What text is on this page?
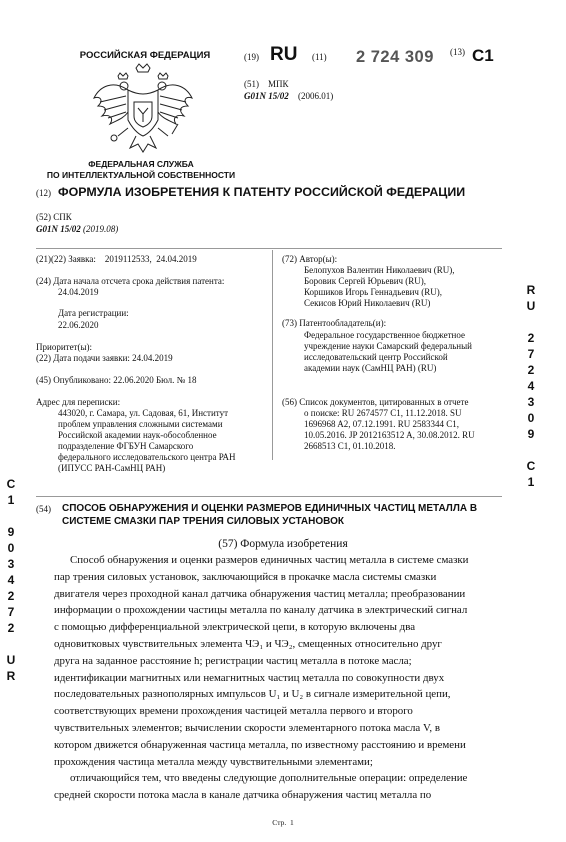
РОССИЙСКАЯ ФЕДЕРАЦИЯ
ФЕДЕРАЛЬНАЯ СЛУЖБА
ПО ИНТЕЛЛЕКТУАЛЬНОЙ СОБСТВЕННОСТИ
(19) RU (11) 2 724 309 (13) C1
(51) МПК
G01N 15/02 (2006.01)
(12) ФОРМУЛА ИЗОБРЕТЕНИЯ К ПАТЕНТУ РОССИЙСКОЙ ФЕДЕРАЦИИ
(52) СПК
G01N 15/02 (2019.08)
(21)(22) Заявка:    2019112533,  24.04.2019
(24) Дата начала отсчета срока действия патента:
24.04.2019
Дата регистрации:
22.06.2020
Приоритет(ы):
(22) Дата подачи заявки: 24.04.2019
(45) Опубликовано: 22.06.2020 Бюл. № 18
Адрес для переписки:
443020, г. Самара, ул. Садовая, 61, Институт
проблем управления сложными системами
Российской академии наук-обособленное
подразделение ФГБУН Самарского
федерального исследовательского центра РАН
(ИПУСС РАН-СамНЦ РАН)
(72) Автор(ы):
Белопухов Валентин Николаевич (RU),
Боровик Сергей Юрьевич (RU),
Коршиков Игорь Геннадьевич (RU),
Секисов Юрий Николаевич (RU)
(73) Патентообладатель(и):
Федеральное государственное бюджетное
учреждение науки Самарский федеральный
исследовательский центр Российской
академии наук (СамНЦ РАН) (RU)
(56) Список документов, цитированных в отчете
о поиске: RU 2674577 C1, 11.12.2018. SU
1696968 A2, 07.12.1991. RU 2583344 C1,
10.05.2016. JP 2012163512 A, 30.08.2012. RU
2668513 C1, 01.10.2018.
R
U
2
7
2
4
3
0
9
C
1
C
1
9
0
3
4
2
7
2
U
R
(54) СПОСОБ ОБНАРУЖЕНИЯ И ОЦЕНКИ РАЗМЕРОВ ЕДИНИЧНЫХ ЧАСТИЦ МЕТАЛЛА В
СИСТЕМЕ СМАЗКИ ПАР ТРЕНИЯ СИЛОВЫХ УСТАНОВОК
(57) Формула изобретения
Способ обнаружения и оценки размеров единичных частиц металла в системе смазки
пар трения силовых установок, заключающийся в прокачке масла системы смазки
двигателя через проходной канал датчика обнаружения частиц металла; преобразовании
информации о прохождении частицы металла по каналу датчика в электрический сигнал
с помощью дифференциальной электрической цепи, в которую включены два
одновитковых чувствительных элемента ЧЭ₁ и ЧЭ₂, смещенных относительно друг
друга на заданное расстояние h; регистрации частиц металла в потоке масла;
идентификации магнитных или немагнитных частиц металла по совокупности двух
последовательных разнополярных импульсов U₁ и U₂ в сигнале измерительной цепи,
соответствующих времени прохождения частицей металла первого и второго
чувствительных элементов; вычислении скорости элементарного потока масла V, в
котором движется обнаруженная частица металла, по известному расстоянию и времени
прохождения частица металла между чувствительными элементами;
отличающийся тем, что введены следующие дополнительные операции: определение
средней скорости потока масла в канале датчика обнаружения частиц металла по
Стр.  1
